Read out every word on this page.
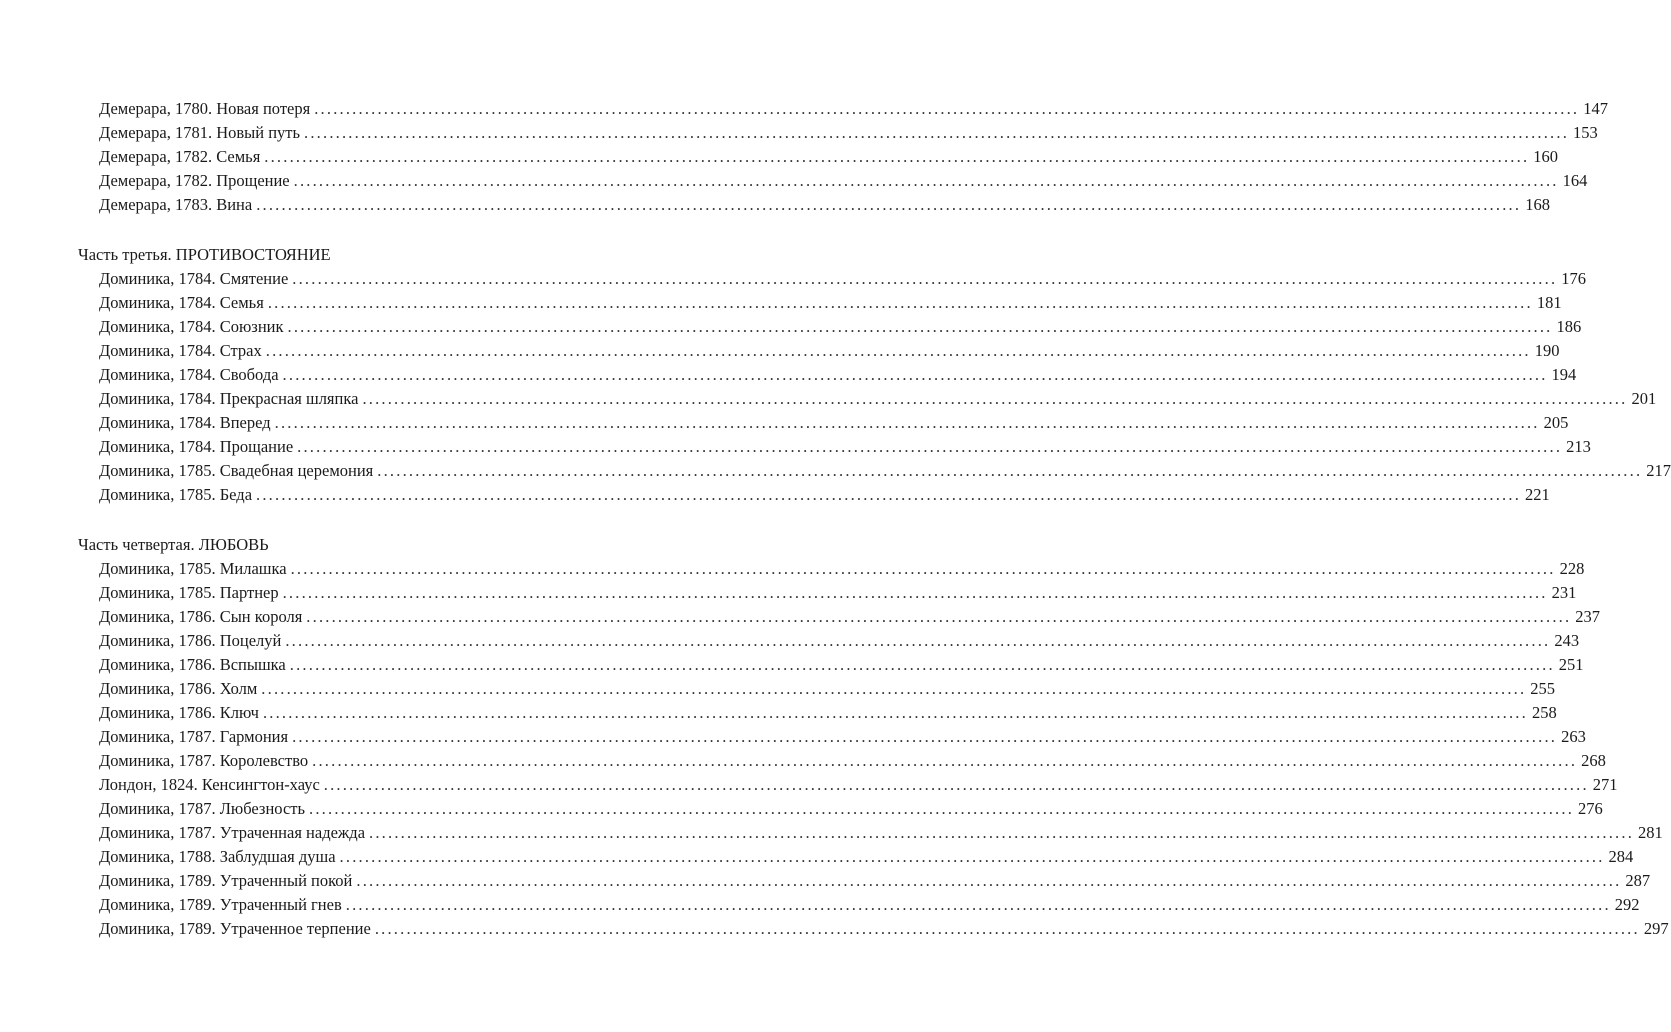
Демерара, 1780. Новая потеря ........................................................................................................................................................................................................ 147
Демерара, 1781. Новый путь ........................................................................................................................................................................................................ 153
Демерара, 1782. Семья ........................................................................................................................................................................................................ 160
Демерара, 1782. Прощение ........................................................................................................................................................................................................ 164
Демерара, 1783. Вина ........................................................................................................................................................................................................ 168
Часть третья. ПРОТИВОСТОЯНИЕ
Доминика, 1784. Смятение ........................................................................................................................................................................................................ 176
Доминика, 1784. Семья ........................................................................................................................................................................................................ 181
Доминика, 1784. Союзник ........................................................................................................................................................................................................ 186
Доминика, 1784. Страх ........................................................................................................................................................................................................ 190
Доминика, 1784. Свобода ........................................................................................................................................................................................................ 194
Доминика, 1784. Прекрасная шляпка ........................................................................................................................................................................................................ 201
Доминика, 1784. Вперед ........................................................................................................................................................................................................ 205
Доминика, 1784. Прощание ........................................................................................................................................................................................................ 213
Доминика, 1785. Свадебная церемония ........................................................................................................................................................................................................ 217
Доминика, 1785. Беда ........................................................................................................................................................................................................ 221
Часть четвертая. ЛЮБОВЬ
Доминика, 1785. Милашка ........................................................................................................................................................................................................ 228
Доминика, 1785. Партнер ........................................................................................................................................................................................................ 231
Доминика, 1786. Сын короля ........................................................................................................................................................................................................ 237
Доминика, 1786. Поцелуй ........................................................................................................................................................................................................ 243
Доминика, 1786. Вспышка ........................................................................................................................................................................................................ 251
Доминика, 1786. Холм ........................................................................................................................................................................................................ 255
Доминика, 1786. Ключ ........................................................................................................................................................................................................ 258
Доминика, 1787. Гармония ........................................................................................................................................................................................................ 263
Доминика, 1787. Королевство ........................................................................................................................................................................................................ 268
Лондон, 1824. Кенсингтон-хаус ........................................................................................................................................................................................................ 271
Доминика, 1787. Любезность ........................................................................................................................................................................................................ 276
Доминика, 1787. Утраченная надежда ........................................................................................................................................................................................................ 281
Доминика, 1788. Заблудшая душа ........................................................................................................................................................................................................ 284
Доминика, 1789. Утраченный покой ........................................................................................................................................................................................................ 287
Доминика, 1789. Утраченный гнев ........................................................................................................................................................................................................ 292
Доминика, 1789. Утраченное терпение ........................................................................................................................................................................................................ 297
